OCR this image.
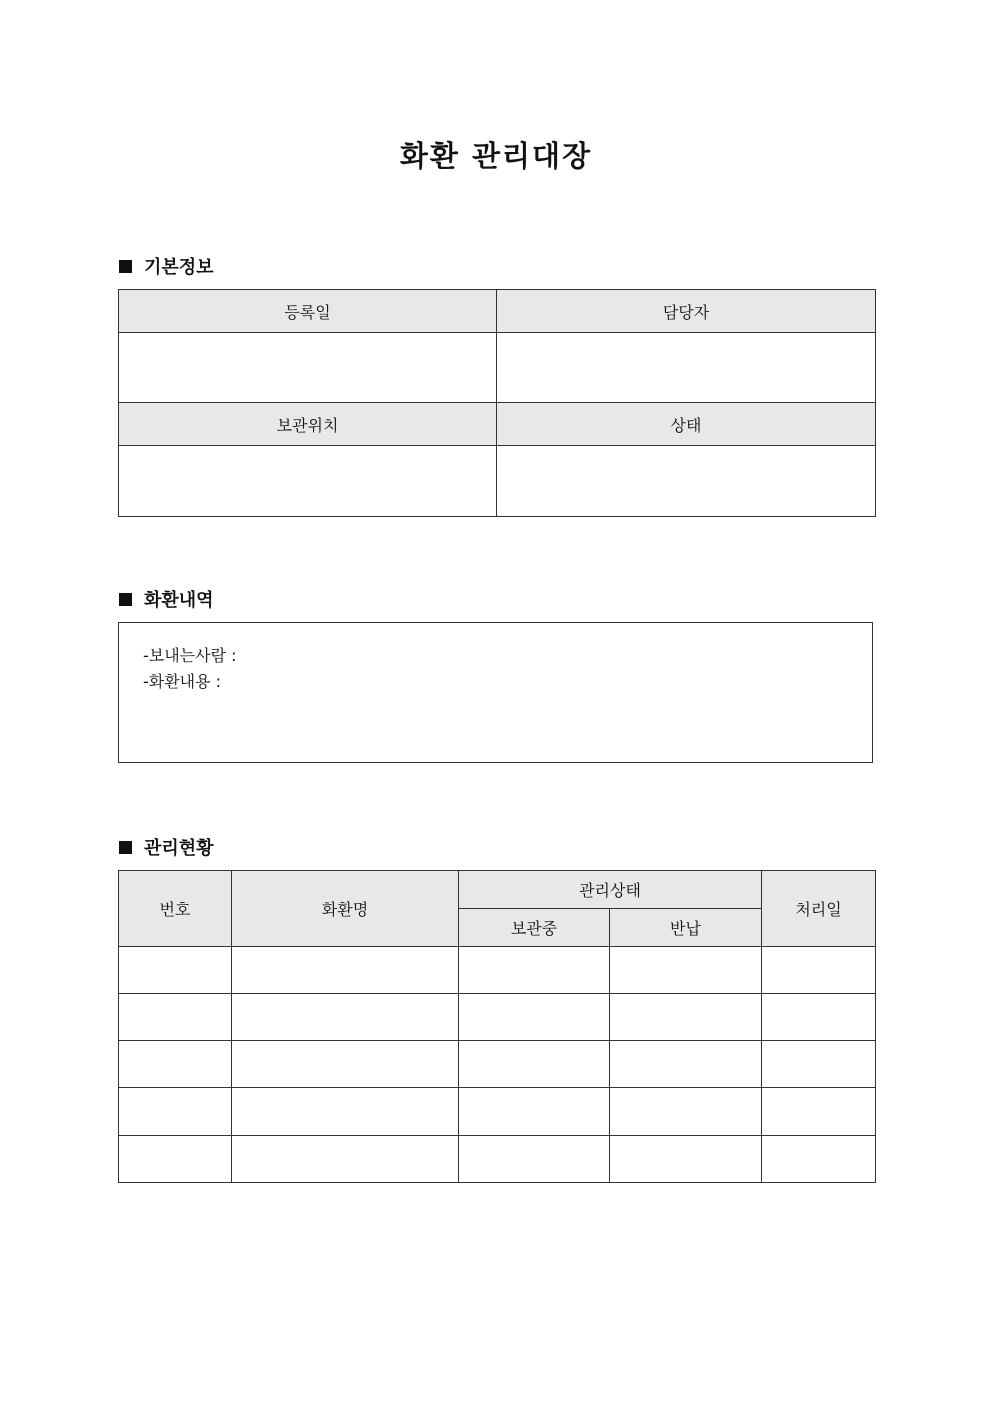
화환 관리대장
기본정보
등록일	담당자

보관위치	상태

화환내역
-보내는사람 :
-화환내용 :
관리현황
번호	화환명	관리상태		처리일
		보관중	반납	
